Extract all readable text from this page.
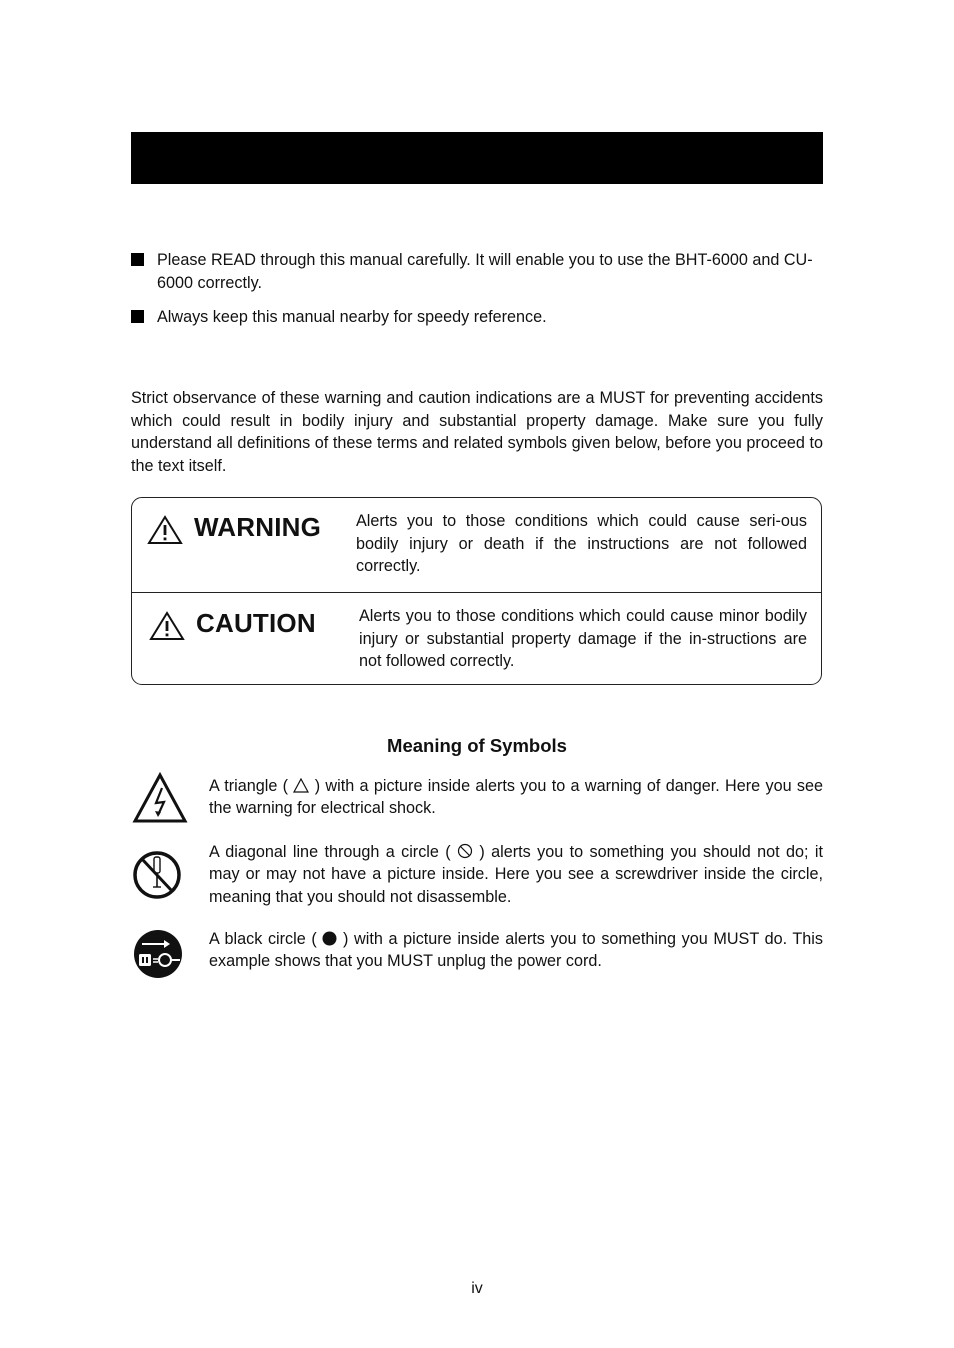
Please READ through this manual carefully. It will enable you to use the BHT-6000 and CU-6000 correctly.
Always keep this manual nearby for speedy reference.
Strict observance of these warning and caution indications are a MUST for preventing accidents which could result in bodily injury and substantial property damage. Make sure you fully understand all definitions of these terms and related symbols given below, before you proceed to the text itself.
WARNING Alerts you to those conditions which could cause seri-ous bodily injury or death if the instructions are not followed correctly.
CAUTION	Alerts you to those conditions which could cause minor bodily injury or substantial property damage if the in-structions are not followed correctly.
Meaning of Symbols
A triangle (  ) with a picture inside alerts you to a warning of danger. Here you see the warning for electrical shock.
A diagonal line through a circle (  ) alerts you to something you should not do; it may or may not have a picture inside. Here you see a screwdriver inside the circle, meaning that you should not disassemble.
A black circle (  ) with a picture inside alerts you to something you MUST do. This example shows that you MUST unplug the power cord.
iv
